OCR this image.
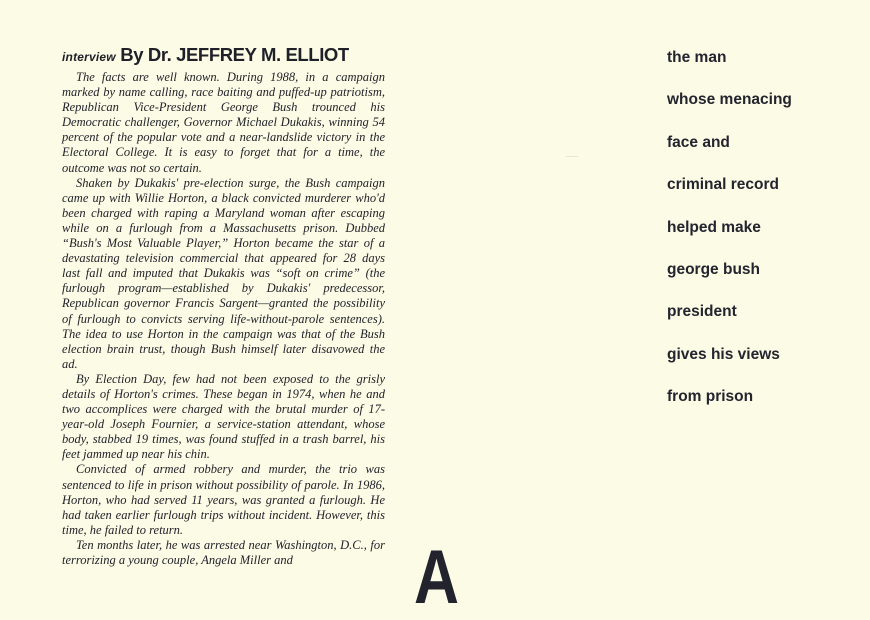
interview By Dr. JEFFREY M. ELLIOT

The facts are well known. During 1988, in a campaign marked by name calling, race baiting and puffed-up patriotism, Republican Vice-President George Bush trounced his Democratic challenger, Governor Michael Dukakis, winning 54 percent of the popular vote and a near-landslide victory in the Electoral College. It is easy to forget that for a time, the outcome was not so certain.

Shaken by Dukakis' pre-election surge, the Bush campaign came up with Willie Horton, a black convicted murderer who'd been charged with raping a Maryland woman after escaping while on a furlough from a Massachusetts prison. Dubbed “Bush's Most Valuable Player,” Horton became the star of a devastating television commercial that appeared for 28 days last fall and imputed that Dukakis was “soft on crime” (the furlough program—established by Dukakis' predecessor, Republican governor Francis Sargent—granted the possibility of furlough to convicts serving life-without-parole sentences). The idea to use Horton in the campaign was that of the Bush election brain trust, though Bush himself later disavowed the ad.

By Election Day, few had not been exposed to the grisly details of Horton's crimes. These began in 1974, when he and two accomplices were charged with the brutal murder of 17-year-old Joseph Fournier, a service-station attendant, whose body, stabbed 19 times, was found stuffed in a trash barrel, his feet jammed up near his chin.

Convicted of armed robbery and murder, the trio was sentenced to life in prison without possibility of parole. In 1986, Horton, who had served 11 years, was granted a furlough. He had taken earlier furlough trips without incident. However, this time, he failed to return.

Ten months later, he was arrested near Washington, D.C., for terrorizing a young couple, Angela Miller and	A
the man
whose menacing
face and
criminal record
helped make
george bush
president
gives his views
from prison
